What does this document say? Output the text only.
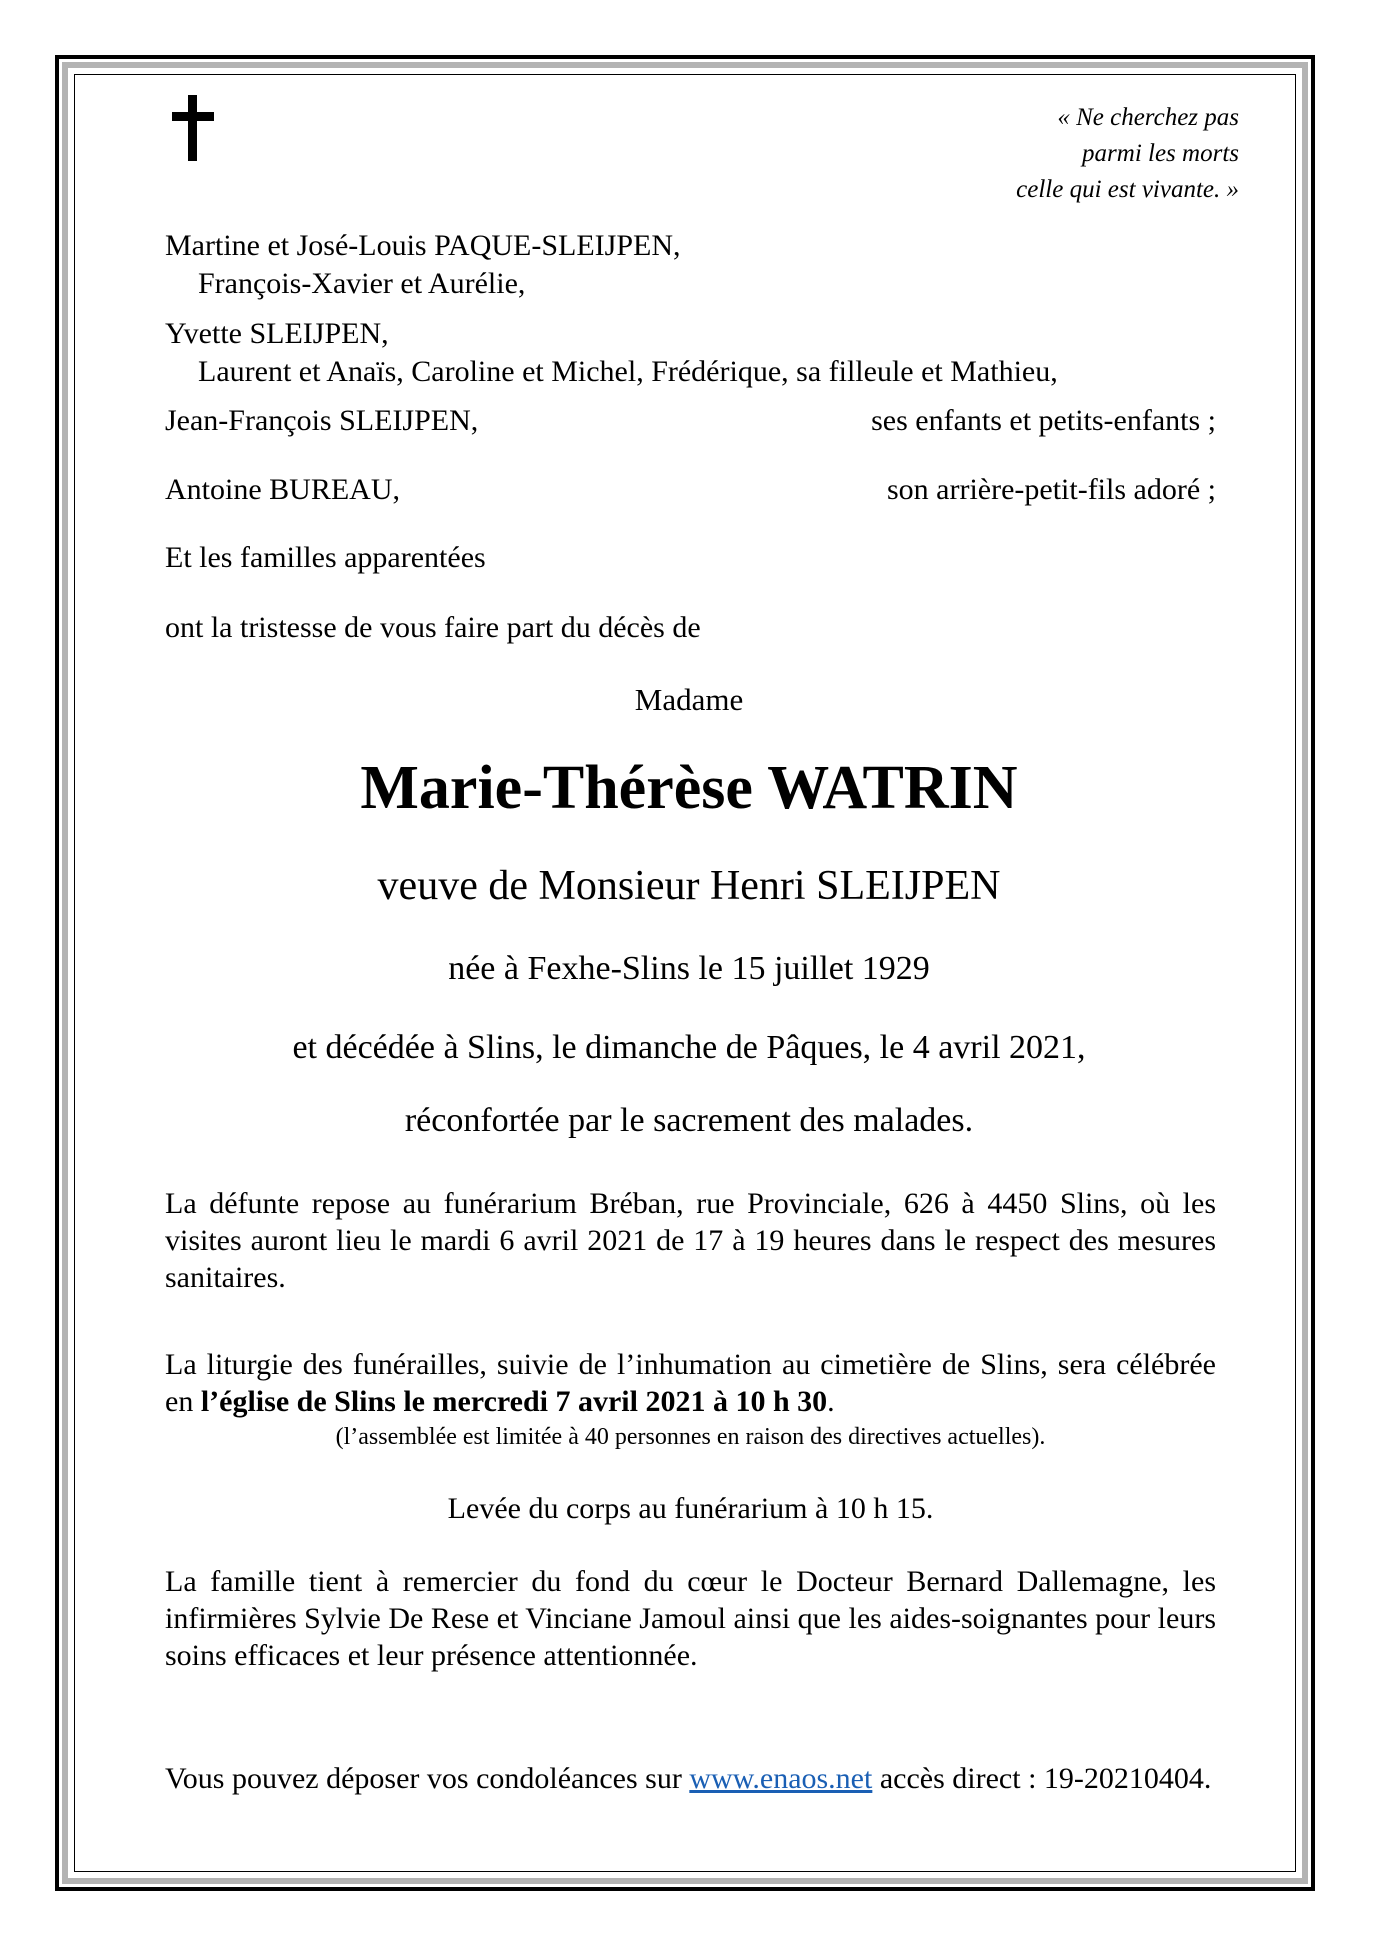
« Ne cherchez pas
parmi les morts
celle qui est vivante. »
Martine et José-Louis PAQUE-SLEIJPEN,
François-Xavier et Aurélie,
Yvette SLEIJPEN,
Laurent et Anaïs, Caroline et Michel, Frédérique, sa filleule et Mathieu,
Jean-François SLEIJPEN,	ses enfants et petits-enfants ;
Antoine BUREAU,	son arrière-petit-fils adoré ;
Et les familles apparentées
ont la tristesse de vous faire part du décès de
Madame
Marie-Thérèse WATRIN
veuve de Monsieur Henri SLEIJPEN
née à Fexhe-Slins le 15 juillet 1929
et décédée à Slins, le dimanche de Pâques, le 4 avril 2021,
réconfortée par le sacrement des malades.
La défunte repose au funérarium Bréban, rue Provinciale, 626 à 4450 Slins, où les visites auront lieu le mardi 6 avril 2021 de 17 à 19 heures dans le respect des mesures sanitaires.
La liturgie des funérailles, suivie de l’inhumation au cimetière de Slins, sera célébrée en l’église de Slins le mercredi 7 avril 2021 à 10 h 30.
(l’assemblée est limitée à 40 personnes en raison des directives actuelles).
Levée du corps au funérarium à 10 h 15.
La famille tient à remercier du fond du cœur le Docteur Bernard Dallemagne, les infirmières Sylvie De Rese et Vinciane Jamoul ainsi que les aides-soignantes pour leurs soins efficaces et leur présence attentionnée.
Vous pouvez déposer vos condoléances sur www.enaos.net accès direct : 19-20210404.
